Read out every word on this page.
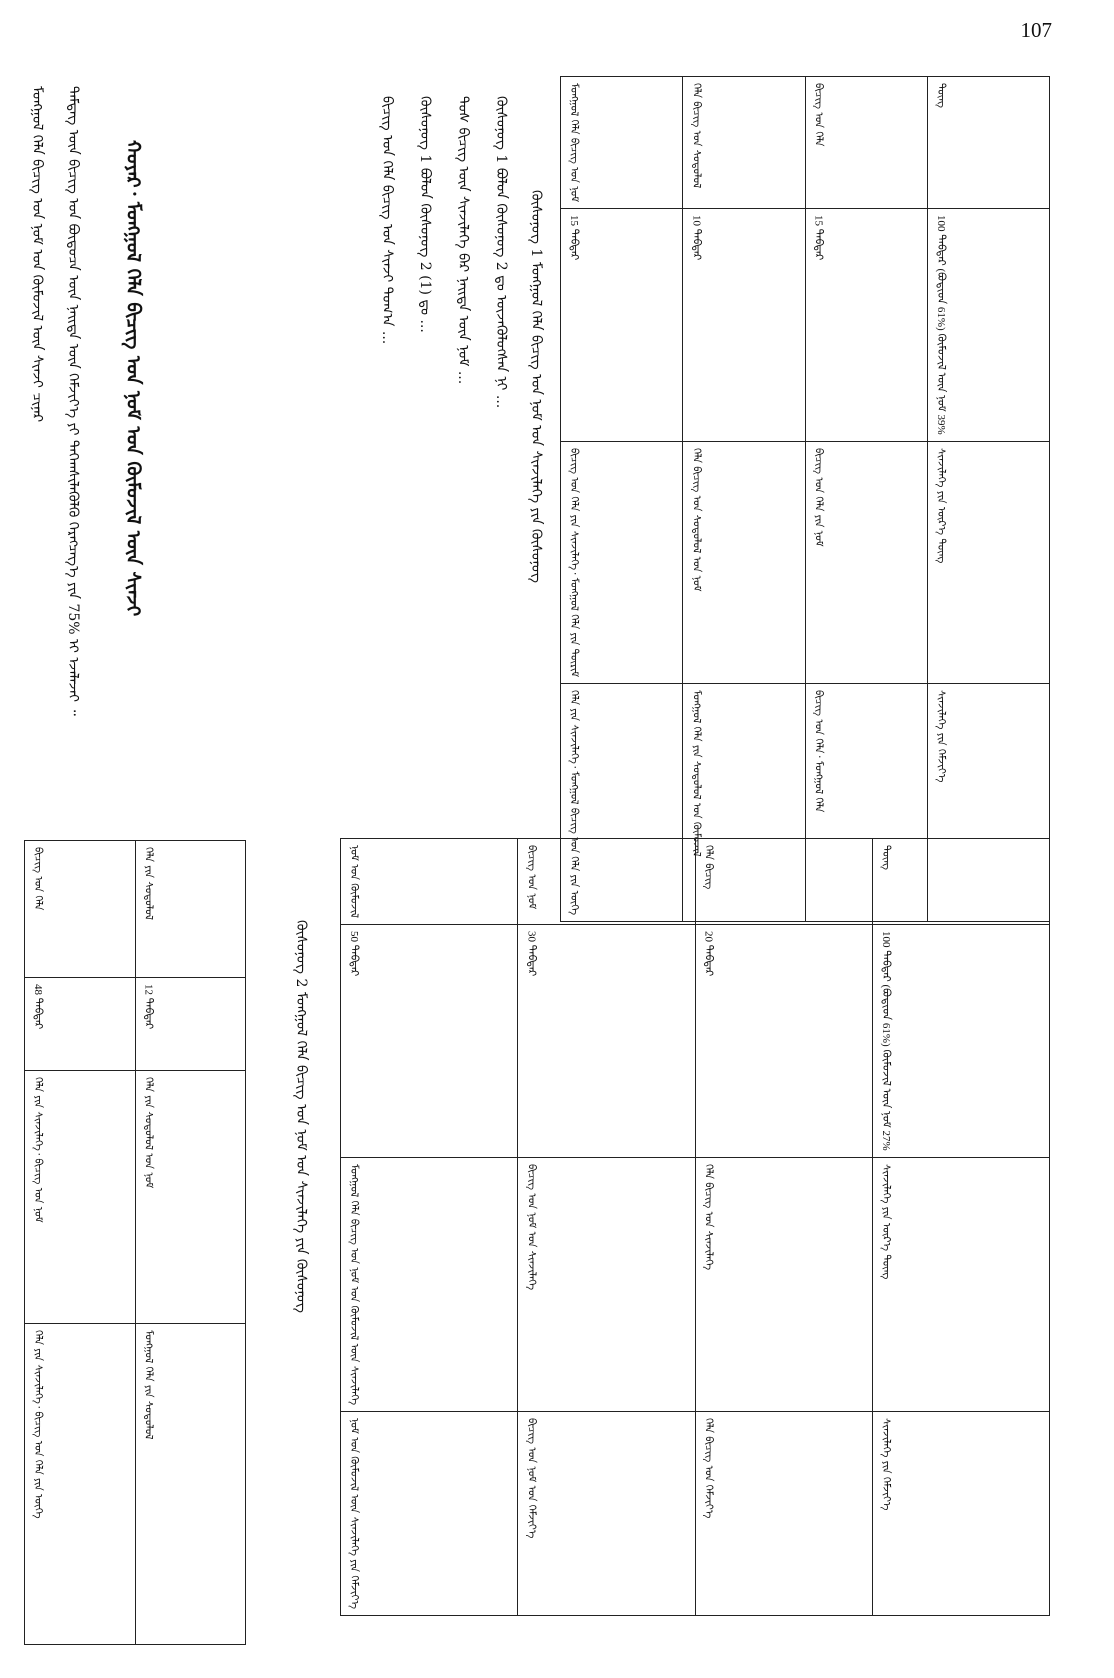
107
ᠮᠣᠩᠭᠣᠯ ᠬᠡᠯᠡ ᠪᠢᠴᠢᠭ᠌ ᠤᠨ ᠨᠣᠮ	ᠬᠡᠯᠡ ᠪᠢᠴᠢᠭ᠌ ᠤᠨ ᠰᠣᠳᠤᠯᠤᠯ	ᠪᠢᠴᠢᠭ᠌ ᠤᠨ ᠬᠡᠯᠡ	ᠳᠦᠩ

15 ᠳᠡᠪᠲᠡᠷ	10 ᠳᠡᠪᠲᠡᠷ	15 ᠳᠡᠪᠲᠡᠷ	100 ᠳᠡᠪᠲᠡᠷ (ᠪᠣᠳᠢᠳ 61%) ᠬᠦᠮᠦᠵᠢᠯ ᠦᠨ ᠨᠣᠮ 39%

ᠪᠢᠴᠢᠭ᠌ ᠤᠨ ᠬᠡᠯᠡ ᠶᠢᠨ ᠰᠢᠨᠵᠢᠯᠡᠭᠡ᠂ ᠮᠣᠩᠭᠣᠯ ᠬᠡᠯᠡ ᠶᠢᠨ ᠳᠦᠷᠢᠮ	ᠬᠡᠯᠡ ᠪᠢᠴᠢᠭ᠌ ᠤᠨ ᠰᠣᠳᠤᠯᠤᠯ ᠤᠨ ᠨᠣᠮ	ᠪᠢᠴᠢᠭ᠌ ᠤᠨ ᠬᠡᠯᠡ ᠶᠢᠨ ᠨᠣᠮ	ᠰᠢᠨᠵᠢᠯᠡᠭᠡ ᠶᠢᠨ ᠦᠷ᠎ᠡ ᠳᠦᠩ

ᠬᠡᠯᠡ ᠶᠢᠨ ᠰᠢᠨᠵᠢᠯᠡᠭᠡ᠂ ᠮᠣᠩᠭᠣᠯ ᠪᠢᠴᠢᠭ᠌ ᠤᠨ ᠬᠡᠯᠡ ᠶᠢᠨ ᠦᠭᠡ	ᠮᠣᠩᠭᠣᠯ ᠬᠡᠯᠡ ᠶᠢᠨ ᠰᠣᠳᠤᠯᠤᠯ ᠤᠨ ᠬᠦᠮᠦᠵᠢᠯ	ᠪᠢᠴᠢᠭ᠌ ᠤᠨ ᠬᠡᠯᠡ᠂ ᠮᠣᠩᠭᠣᠯ ᠬᠡᠯᠡ	ᠰᠢᠨᠵᠢᠯᠡᠭᠡ ᠶᠢᠨ ᠬᠡᠮᠵᠢᠶ᠎ᠡ
ᠬᠦᠰᠦᠨᠦᠭ 1 ᠮᠣᠩᠭᠣᠯ ᠬᠡᠯᠡ ᠪᠢᠴᠢᠭ᠌ ᠤᠨ ᠨᠣᠮ ᠤᠨ ᠰᠢᠨᠵᠢᠯᠡᠭᠡ ᠶᠢᠨ ᠬᠦᠰᠦᠨᠦᠭ
ᠬᠦᠰᠦᠨᠦᠭ 1 ᠪᠣᠯᠣᠨ ᠬᠦᠰᠦᠨᠦᠭ 2 ᠳᠤ ᠦᠵᠡᠭᠦᠯᠦᠭᠰᠡᠨ ᠨᠢ ...
ᠲᠤᠰ ᠪᠢᠴᠢᠭ᠌ ᠦᠨ ᠰᠢᠨᠵᠢᠯᠡᠭᠡ ᠪᠠᠷ ᠨᠡᠢᠲᠡ ᠦᠨ ᠨᠣᠮ ...
ᠬᠦᠰᠦᠨᠦᠭ 1 ᠪᠣᠯᠣᠨ ᠬᠦᠰᠦᠨᠦᠭ 2 (1) ᠳᠤ ...
ᠪᠢᠴᠢᠭ᠌ ᠤᠨ ᠬᠡᠯᠡ ᠪᠢᠴᠢᠭ᠌ ᠤᠨ ᠰᠢᠨᠵᠢ ᠲᠣᠭ᠎ᠠ ...
ᠬᠣᠶᠠᠷ᠂ ᠮᠣᠩᠭᠣᠯ ᠬᠡᠯᠡ ᠪᠢᠴᠢᠭ᠌ ᠤᠨ ᠨᠣᠮ ᠤᠨ ᠬᠦᠮᠦᠵᠢᠯ ᠦᠨ ᠰᠢᠨᠵᠢ
ᠲᠡᠮᠳᠡᠭ ᠦᠨ ᠪᠢᠴᠢᠭ᠌ ᠤᠨ ᠪᠦᠲᠦᠴᠡ ᠦᠨ ᠨᠡᠢᠲᠡ ᠦᠨ ᠬᠡᠮᠵᠢᠶ᠎ᠡ ᠶᠢ ᠳᠡᠭᠡᠭ᠍ᠰᠢᠯᠡᠭᠦᠯᠬᠦ ᠬᠡᠷᠡᠭᠴᠡᠭ᠎ᠡ ᠶᠢᠨ 75% ᠢ ᠡᠵᠡᠯᠡᠵᠡᠢ ᠃
ᠮᠣᠩᠭᠣᠯ ᠬᠡᠯᠡ ᠪᠢᠴᠢᠭ᠌ ᠤᠨ ᠨᠣᠮ ᠤᠨ ᠬᠦᠮᠦᠵᠢᠯ ᠦᠨ ᠰᠢᠨᠵᠢ ᠴᠢᠨᠠᠷ
ᠨᠣᠮ ᠤᠨ ᠬᠦᠮᠦᠵᠢᠯ	ᠪᠢᠴᠢᠭ᠌ ᠤᠨ ᠨᠣᠮ	ᠬᠡᠯᠡ ᠪᠢᠴᠢᠭ᠌	ᠳᠦᠩ

50 ᠳᠡᠪᠲᠡᠷ	30 ᠳᠡᠪᠲᠡᠷ	20 ᠳᠡᠪᠲᠡᠷ	100 ᠳᠡᠪᠲᠡᠷ (ᠪᠣᠳᠢᠳ 61%) ᠬᠦᠮᠦᠵᠢᠯ ᠦᠨ ᠨᠣᠮ 27%

ᠮᠣᠩᠭᠣᠯ ᠬᠡᠯᠡ ᠪᠢᠴᠢᠭ᠌ ᠤᠨ ᠨᠣᠮ ᠤᠨ ᠬᠦᠮᠦᠵᠢᠯ ᠦᠨ ᠰᠢᠨᠵᠢᠯᠡᠭᠡ	ᠪᠢᠴᠢᠭ᠌ ᠤᠨ ᠨᠣᠮ ᠤᠨ ᠰᠢᠨᠵᠢᠯᠡᠭᠡ	ᠬᠡᠯᠡ ᠪᠢᠴᠢᠭ᠌ ᠤᠨ ᠰᠢᠨᠵᠢᠯᠡᠭᠡ	ᠰᠢᠨᠵᠢᠯᠡᠭᠡ ᠶᠢᠨ ᠦᠷ᠎ᠡ ᠳᠦᠩ

ᠨᠣᠮ ᠤᠨ ᠬᠦᠮᠦᠵᠢᠯ ᠦᠨ ᠰᠢᠨᠵᠢᠯᠡᠭᠡ ᠶᠢᠨ ᠬᠡᠮᠵᠢᠶ᠎ᠡ	ᠪᠢᠴᠢᠭ᠌ ᠤᠨ ᠨᠣᠮ ᠤᠨ ᠬᠡᠮᠵᠢᠶ᠎ᠡ	ᠬᠡᠯᠡ ᠪᠢᠴᠢᠭ᠌ ᠤᠨ ᠬᠡᠮᠵᠢᠶ᠎ᠡ	ᠰᠢᠨᠵᠢᠯᠡᠭᠡ ᠶᠢᠨ ᠬᠡᠮᠵᠢᠶ᠎ᠡ
ᠬᠦᠰᠦᠨᠦᠭ 2 ᠮᠣᠩᠭᠣᠯ ᠬᠡᠯᠡ ᠪᠢᠴᠢᠭ᠌ ᠤᠨ ᠨᠣᠮ ᠤᠨ ᠰᠢᠨᠵᠢᠯᠡᠭᠡ ᠶᠢᠨ ᠬᠦᠰᠦᠨᠦᠭ
ᠪᠢᠴᠢᠭ᠌ ᠤᠨ ᠬᠡᠯᠡ	ᠬᠡᠯᠡ ᠶᠢᠨ ᠰᠣᠳᠤᠯᠤᠯ

48 ᠳᠡᠪᠲᠡᠷ	12 ᠳᠡᠪᠲᠡᠷ

ᠬᠡᠯᠡ ᠶᠢᠨ ᠰᠢᠨᠵᠢᠯᠡᠭᠡ᠂ ᠪᠢᠴᠢᠭ᠌ ᠤᠨ ᠨᠣᠮ	ᠬᠡᠯᠡ ᠶᠢᠨ ᠰᠣᠳᠤᠯᠤᠯ ᠤᠨ ᠨᠣᠮ

ᠬᠡᠯᠡ ᠶᠢᠨ ᠰᠢᠨᠵᠢᠯᠡᠭᠡ᠂ ᠪᠢᠴᠢᠭ᠌ ᠤᠨ ᠬᠡᠯᠡ ᠶᠢᠨ ᠦᠭᠡ	ᠮᠣᠩᠭᠣᠯ ᠬᠡᠯᠡ ᠶᠢᠨ ᠰᠣᠳᠤᠯᠤᠯ
